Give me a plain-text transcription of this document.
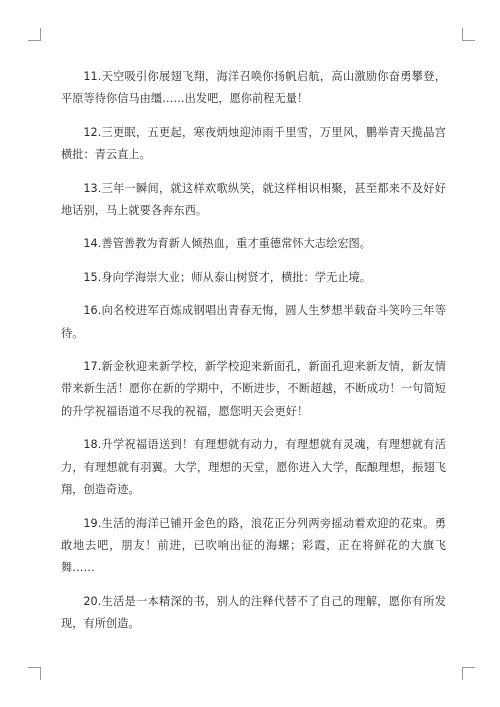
11.天空吸引你展翅飞翔，海洋召唤你扬帆启航，高山激励你奋勇攀登，平原等待你信马由缰……出发吧，愿你前程无量！

12.三更眠，五更起，寒夜炳烛迎沛雨千里雪，万里风，鹏举青天揽晶宫横批：青云直上。

13.三年一瞬间，就这样欢歌纵笑，就这样相识相聚，甚至都来不及好好地话别，马上就要各奔东西。

14.善管善教为育新人倾热血，重才重德常怀大志绘宏图。

15.身向学海崇大业；师从泰山树贤才，横批：学无止境。

16.向名校进军百炼成钢唱出青春无悔，圆人生梦想半载奋斗笑吟三年等待。

17.新金秋迎来新学校，新学校迎来新面孔，新面孔迎来新友情，新友情带来新生活！愿你在新的学期中，不断进步，不断超越，不断成功！一句简短的升学祝福语道不尽我的祝福，愿您明天会更好！

18.升学祝福语送到！有理想就有动力，有理想就有灵魂，有理想就有活力，有理想就有羽翼。大学，理想的天堂，愿你进入大学，酝酿理想，振翅飞翔，创造奇迹。

19.生活的海洋已铺开金色的路，浪花正分列两旁摇动着欢迎的花束。勇敢地去吧，朋友！前进，已吹响出征的海螺；彩霞，正在将鲜花的大旗飞舞……

20.生活是一本精深的书，别人的注释代替不了自己的理解，愿你有所发现，有所创造。
